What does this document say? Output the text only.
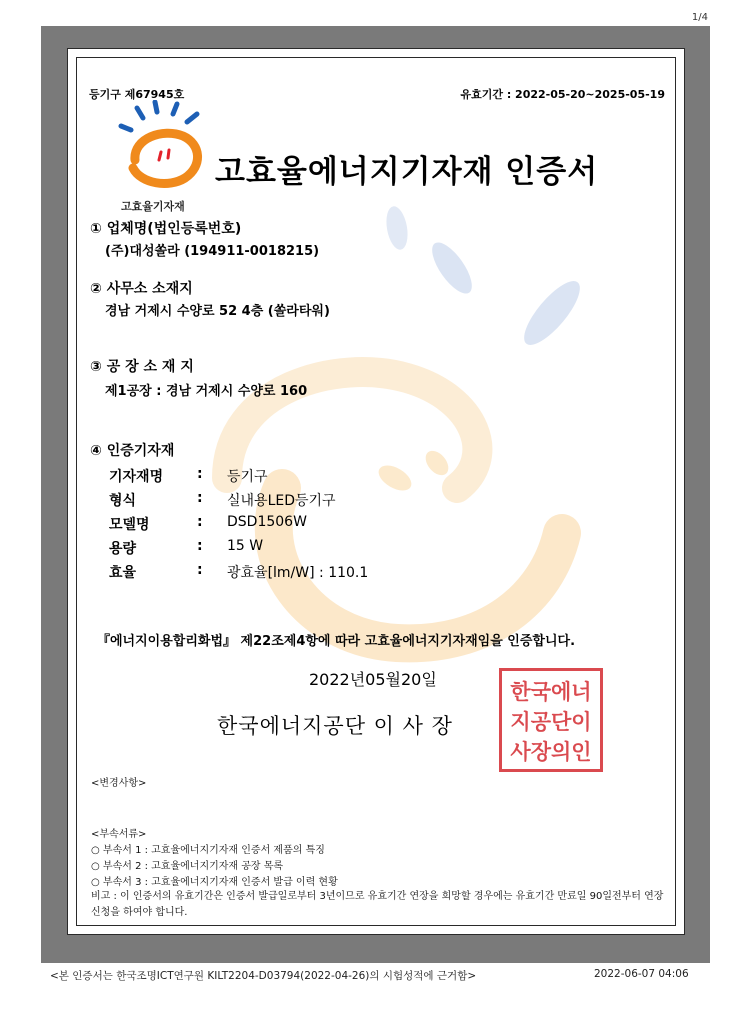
1/4
등기구 제67945호	유효기간 : 2022-05-20~2025-05-19
고효율기자재
고효율에너지기자재 인증서
① 업체명(법인등록번호)
(주)대성쏠라 (194911-0018215)
② 사무소 소재지
경남 거제시 수양로 52 4층 (쏠라타워)
③ 공 장 소 재 지
제1공장 : 경남 거제시 수양로 160
④ 인증기자재
기자재명	: 등기구
형식	: 실내용LED등기구
모델명	: DSD1506W
용량	: 15 W
효율	: 광효율[lm/W] : 110.1
『에너지이용합리화법』 제22조제4항에 따라 고효율에너지기자재임을 인증합니다.
2022년05월20일
한국에너지공단 이 사 장
한국에너
지공단이
사장의인
<변경사항>
<부속서류>
○ 부속서 1 : 고효율에너지기자재 인증서 제품의 특징
○ 부속서 2 : 고효율에너지기자재 공장 목록
○ 부속서 3 : 고효율에너지기자재 인증서 발급 이력 현황
비고 : 이 인증서의 유효기간은 인증서 발급일로부터 3년이므로 유효기간 연장을 희망할 경우에는 유효기간 만료일 90일전부터 연장신청을 하여야 합니다.
<본 인증서는 한국조명ICT연구원 KILT2204-D03794(2022-04-26)의 시험성적에 근거함>	2022-06-07 04:06
